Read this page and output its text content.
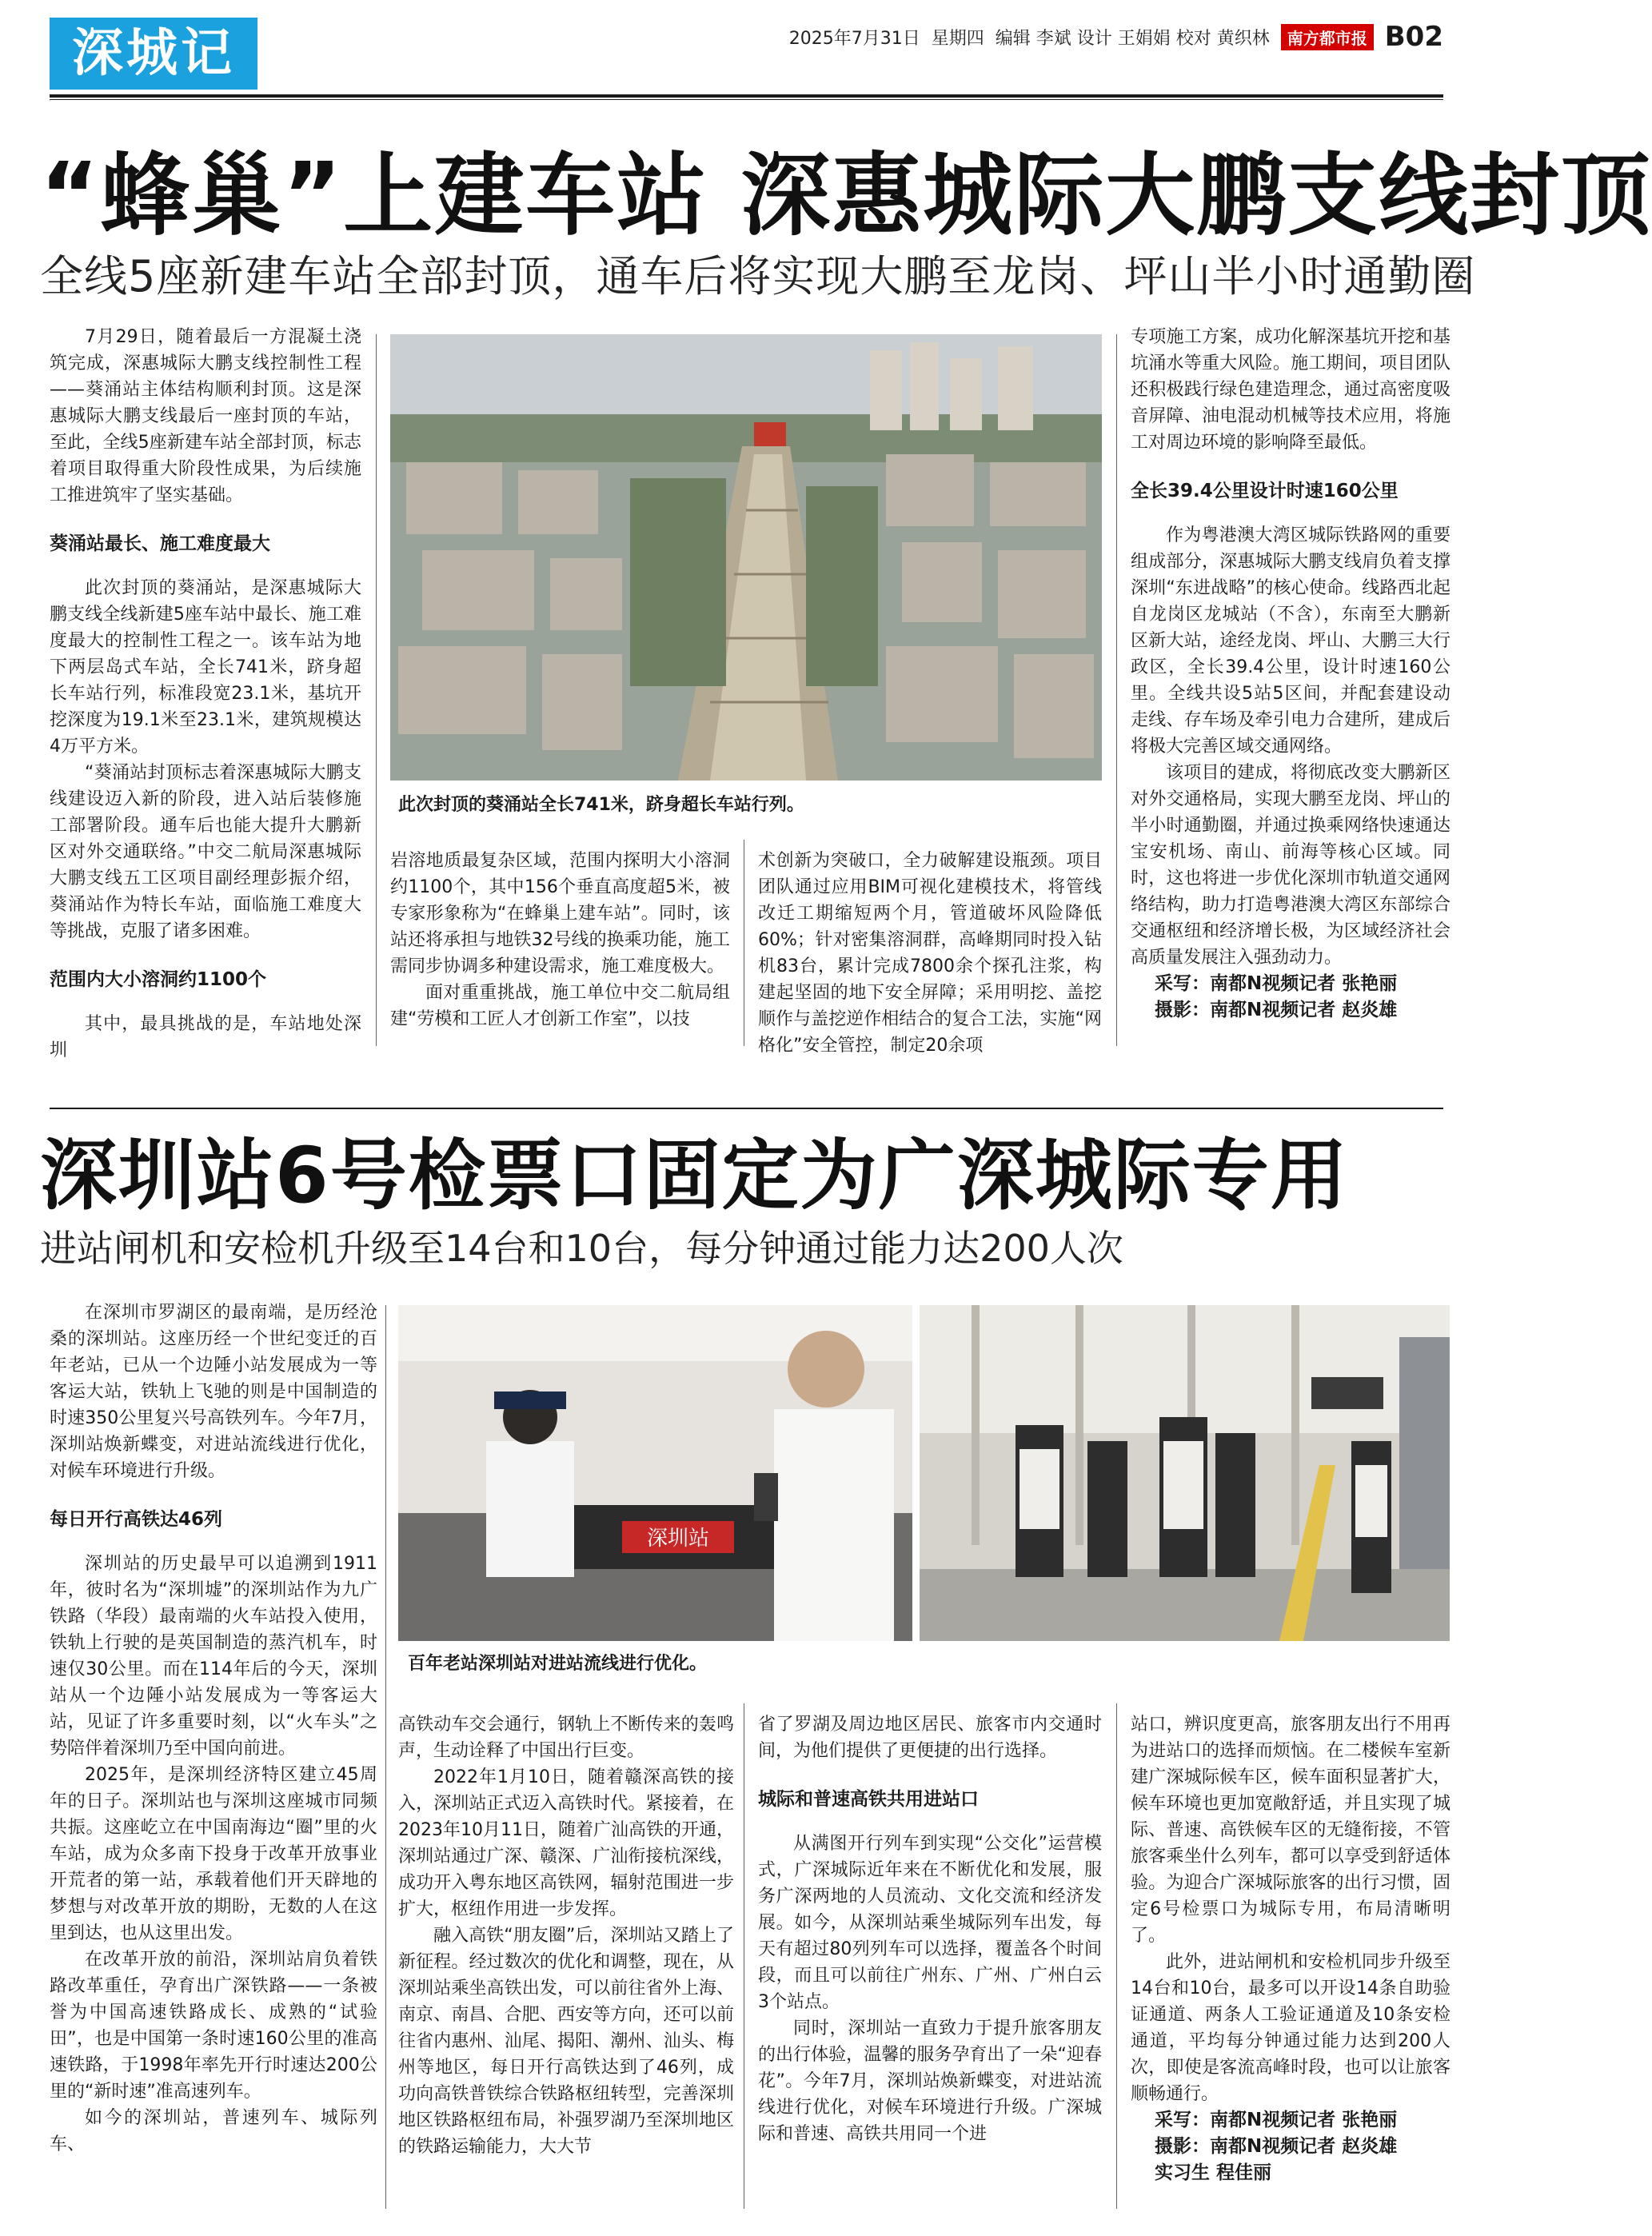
深城记	2025年7月31日 星期四 编辑 李斌 设计 王娟娟 校对 黄织林	南方都市报 B02
“蜂巢”上建车站 深惠城际大鹏支线封顶
全线5座新建车站全部封顶，通车后将实现大鹏至龙岗、坪山半小时通勤圈

7月29日，随着最后一方混凝土浇筑完成，深惠城际大鹏支线控制性工程——葵涌站主体结构顺利封顶。这是深惠城际大鹏支线最后一座封顶的车站，至此，全线5座新建车站全部封顶，标志着项目取得重大阶段性成果，为后续施工推进筑牢了坚实基础。

葵涌站最长、施工难度最大

此次封顶的葵涌站，是深惠城际大鹏支线全线新建5座车站中最长、施工难度最大的控制性工程之一。该车站为地下两层岛式车站，全长741米，跻身超长车站行列，标准段宽23.1米，基坑开挖深度为19.1米至23.1米，建筑规模达4万平方米。

“葵涌站封顶标志着深惠城际大鹏支线建设迈入新的阶段，进入站后装修施工部署阶段。通车后也能大提升大鹏新区对外交通联络。”中交二航局深惠城际大鹏支线五工区项目副经理彭振介绍，葵涌站作为特长车站，面临施工难度大等挑战，克服了诸多困难。

范围内大小溶洞约1100个

其中，最具挑战的是，车站地处深圳

此次封顶的葵涌站全长741米，跻身超长车站行列。

岩溶地质最复杂区域，范围内探明大小溶洞约1100个，其中156个垂直高度超5米，被专家形象称为“在蜂巢上建车站”。同时，该站还将承担与地铁32号线的换乘功能，施工需同步协调多种建设需求，施工难度极大。

面对重重挑战，施工单位中交二航局组建“劳模和工匠人才创新工作室”，以技

术创新为突破口，全力破解建设瓶颈。项目团队通过应用BIM可视化建模技术，将管线改迁工期缩短两个月，管道破坏风险降低60%；针对密集溶洞群，高峰期同时投入钻机83台，累计完成7800余个探孔注浆，构建起坚固的地下安全屏障；采用明挖、盖挖顺作与盖挖逆作相结合的复合工法，实施“网格化”安全管控，制定20余项

专项施工方案，成功化解深基坑开挖和基坑涌水等重大风险。施工期间，项目团队还积极践行绿色建造理念，通过高密度吸音屏障、油电混动机械等技术应用，将施工对周边环境的影响降至最低。

全长39.4公里设计时速160公里

作为粤港澳大湾区城际铁路网的重要组成部分，深惠城际大鹏支线肩负着支撑深圳“东进战略”的核心使命。线路西北起自龙岗区龙城站（不含），东南至大鹏新区新大站，途经龙岗、坪山、大鹏三大行政区，全长39.4公里，设计时速160公里。全线共设5站5区间，并配套建设动走线、存车场及牵引电力合建所，建成后将极大完善区域交通网络。

该项目的建成，将彻底改变大鹏新区对外交通格局，实现大鹏至龙岗、坪山的半小时通勤圈，并通过换乘网络快速通达宝安机场、南山、前海等核心区域。同时，这也将进一步优化深圳市轨道交通网络结构，助力打造粤港澳大湾区东部综合交通枢纽和经济增长极，为区域经济社会高质量发展注入强劲动力。

采写：南都N视频记者 张艳丽

摄影：南都N视频记者 赵炎雄

深圳站6号检票口固定为广深城际专用
进站闸机和安检机升级至14台和10台，每分钟通过能力达200人次
深圳站
百年老站深圳站对进站流线进行优化。

在深圳市罗湖区的最南端，是历经沧桑的深圳站。这座历经一个世纪变迁的百年老站，已从一个边陲小站发展成为一等客运大站，铁轨上飞驰的则是中国制造的时速350公里复兴号高铁列车。今年7月，深圳站焕新蝶变，对进站流线进行优化，对候车环境进行升级。

每日开行高铁达46列

深圳站的历史最早可以追溯到1911年，彼时名为“深圳墟”的深圳站作为九广铁路（华段）最南端的火车站投入使用，铁轨上行驶的是英国制造的蒸汽机车，时速仅30公里。而在114年后的今天，深圳站从一个边陲小站发展成为一等客运大站，见证了许多重要时刻，以“火车头”之势陪伴着深圳乃至中国向前进。

2025年，是深圳经济特区建立45周年的日子。深圳站也与深圳这座城市同频共振。这座屹立在中国南海边“圈”里的火车站，成为众多南下投身于改革开放事业开荒者的第一站，承载着他们开天辟地的梦想与对改革开放的期盼，无数的人在这里到达，也从这里出发。

在改革开放的前沿，深圳站肩负着铁路改革重任，孕育出广深铁路——一条被誉为中国高速铁路成长、成熟的“试验田”，也是中国第一条时速160公里的准高速铁路，于1998年率先开行时速达200公里的“新时速”准高速列车。

如今的深圳站，普速列车、城际列车、

高铁动车交会通行，钢轨上不断传来的轰鸣声，生动诠释了中国出行巨变。

2022年1月10日，随着赣深高铁的接入，深圳站正式迈入高铁时代。紧接着，在2023年10月11日，随着广汕高铁的开通，深圳站通过广深、赣深、广汕衔接杭深线，成功开入粤东地区高铁网，辐射范围进一步扩大，枢纽作用进一步发挥。

融入高铁“朋友圈”后，深圳站又踏上了新征程。经过数次的优化和调整，现在，从深圳站乘坐高铁出发，可以前往省外上海、南京、南昌、合肥、西安等方向，还可以前往省内惠州、汕尾、揭阳、潮州、汕头、梅州等地区，每日开行高铁达到了46列，成功向高铁普铁综合铁路枢纽转型，完善深圳地区铁路枢纽布局，补强罗湖乃至深圳地区的铁路运输能力，大大节

省了罗湖及周边地区居民、旅客市内交通时间，为他们提供了更便捷的出行选择。

城际和普速高铁共用进站口

从满图开行列车到实现“公交化”运营模式，广深城际近年来在不断优化和发展，服务广深两地的人员流动、文化交流和经济发展。如今，从深圳站乘坐城际列车出发，每天有超过80列列车可以选择，覆盖各个时间段，而且可以前往广州东、广州、广州白云3个站点。

同时，深圳站一直致力于提升旅客朋友的出行体验，温馨的服务孕育出了一朵“迎春花”。今年7月，深圳站焕新蝶变，对进站流线进行优化，对候车环境进行升级。广深城际和普速、高铁共用同一个进

站口，辨识度更高，旅客朋友出行不用再为进站口的选择而烦恼。在二楼候车室新建广深城际候车区，候车面积显著扩大，候车环境也更加宽敞舒适，并且实现了城际、普速、高铁候车区的无缝衔接，不管旅客乘坐什么列车，都可以享受到舒适体验。为迎合广深城际旅客的出行习惯，固定6号检票口为城际专用，布局清晰明了。

此外，进站闸机和安检机同步升级至14台和10台，最多可以开设14条自助验证通道、两条人工验证通道及10条安检通道，平均每分钟通过能力达到200人次，即使是客流高峰时段，也可以让旅客顺畅通行。

采写：南都N视频记者 张艳丽

摄影：南都N视频记者 赵炎雄

实习生 程佳丽
